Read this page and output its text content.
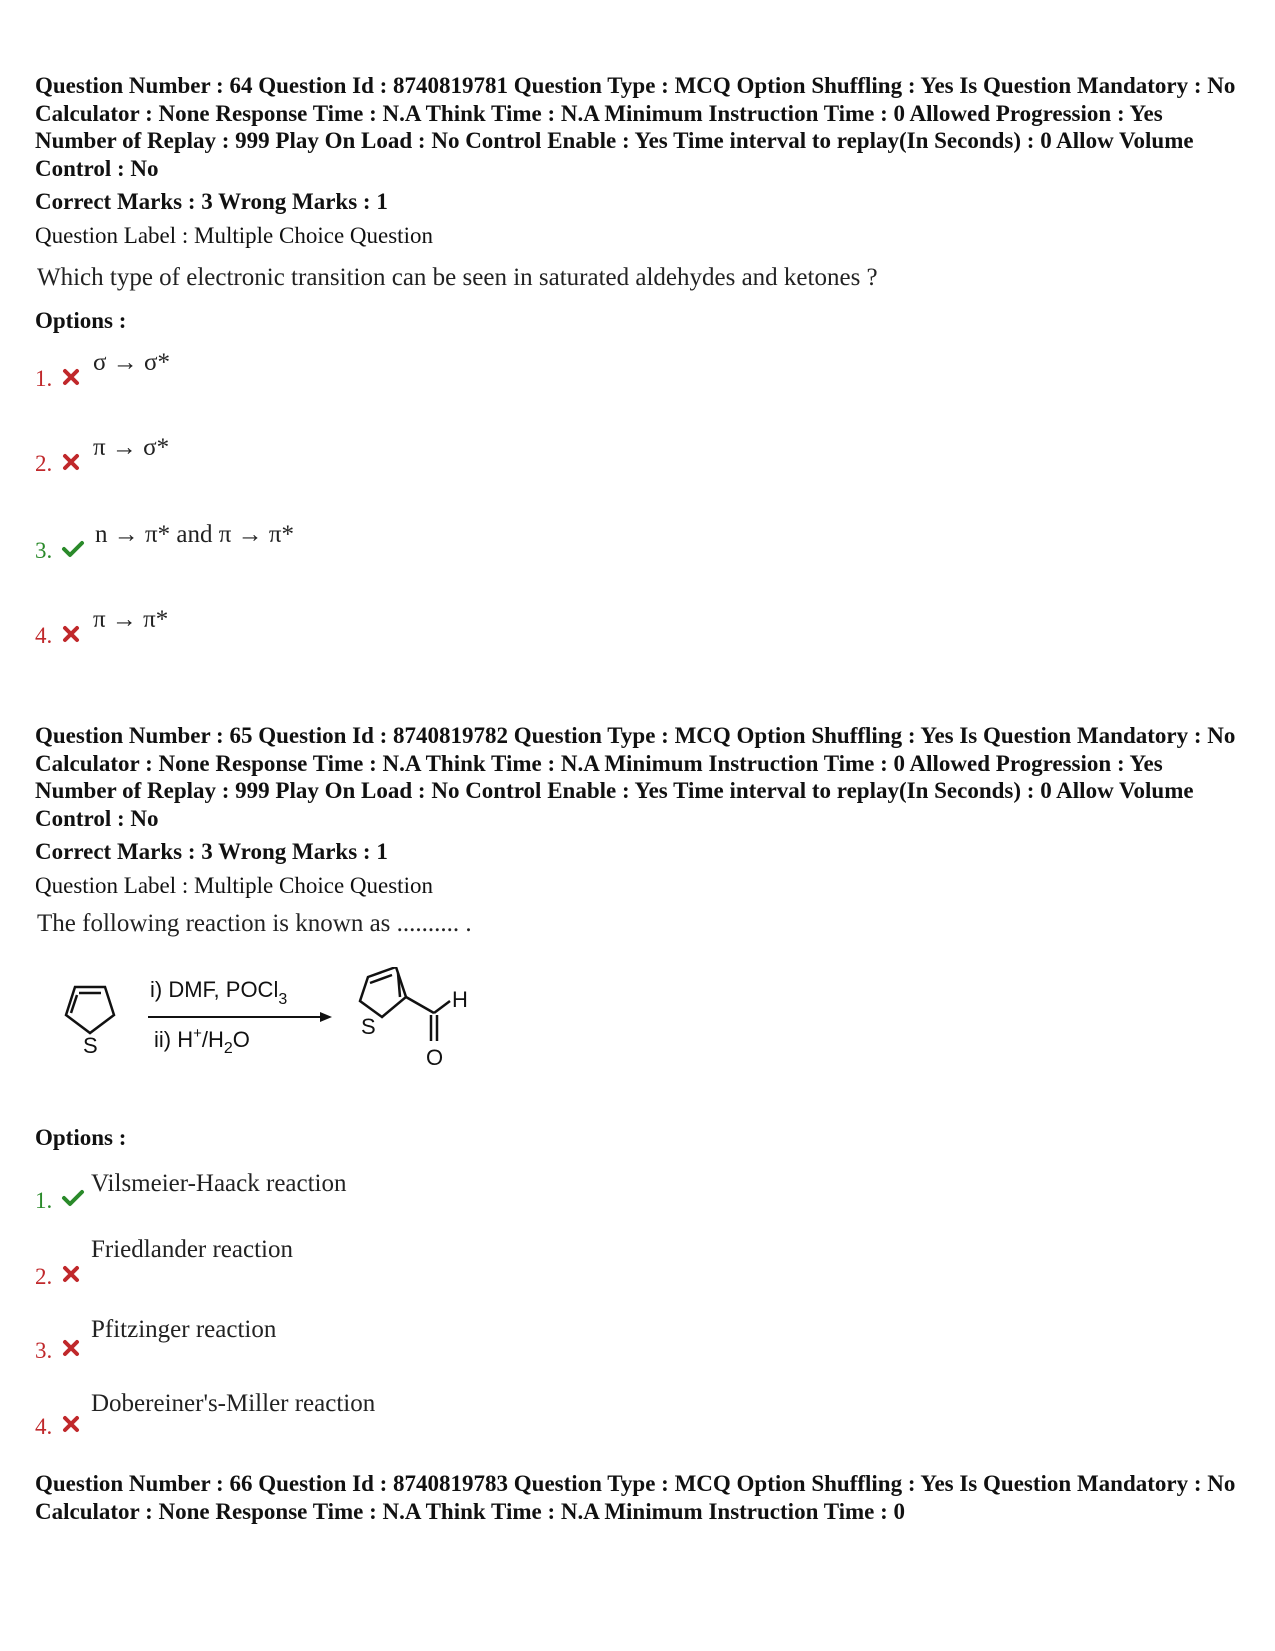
Question Number : 64 Question Id : 8740819781 Question Type : MCQ Option Shuffling : Yes Is Question Mandatory : No Calculator : None Response Time : N.A Think Time : N.A Minimum Instruction Time : 0 Allowed Progression : Yes Number of Replay : 999 Play On Load : No Control Enable : Yes Time interval to replay(In Seconds) : 0 Allow Volume Control : No

Correct Marks : 3 Wrong Marks : 1
Question Label : Multiple Choice Question
Which type of electronic transition can be seen in saturated aldehydes and ketones ?
Options :
1.
σ → σ*
2.
π → σ*
3.
n → π* and π → π*
4.
π → π*

Question Number : 65 Question Id : 8740819782 Question Type : MCQ Option Shuffling : Yes Is Question Mandatory : No Calculator : None Response Time : N.A Think Time : N.A Minimum Instruction Time : 0 Allowed Progression : Yes Number of Replay : 999 Play On Load : No Control Enable : Yes Time interval to replay(In Seconds) : 0 Allow Volume Control : No

Correct Marks : 3 Wrong Marks : 1
Question Label : Multiple Choice Question
The following reaction is known as .......... .
S
i) DMF, POCl$_3$
ii) $H^+/H_2O$
S
H
O
Options :
1.
Vilsmeier-Haack reaction
2.
Friedlander reaction
3.
Pfitzinger reaction
4.
Dobereiner's-Miller reaction

Question Number : 66 Question Id : 8740819783 Question Type : MCQ Option Shuffling : Yes Is Question Mandatory : No Calculator : None Response Time : N.A Think Time : N.A Minimum Instruction Time : 0
